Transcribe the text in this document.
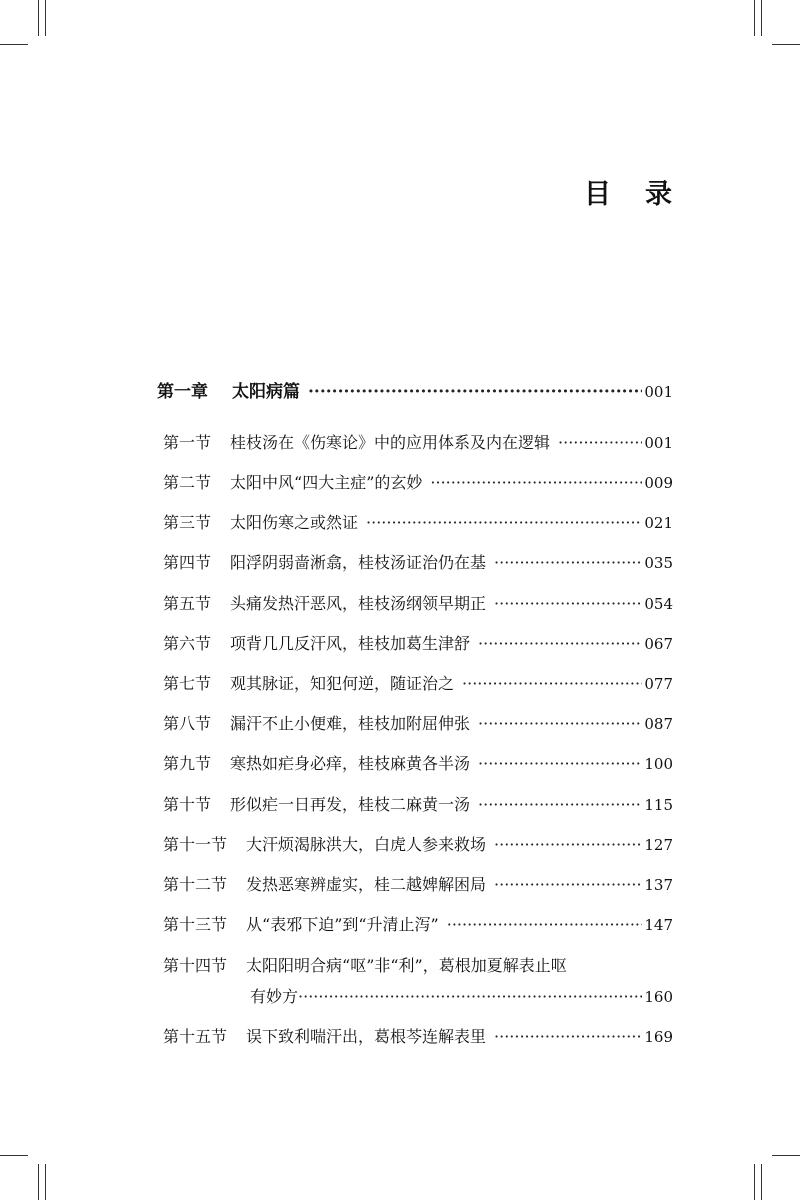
目 录
第一章 太阳病篇 ·····	001
第一节 桂枝汤在《伤寒论》中的应用体系及内在逻辑 ·····	001
第二节 太阳中风“四大主症”的玄妙 ·····	009
第三节 太阳伤寒之或然证 ·····	021
第四节 阳浮阴弱啬淅翕，桂枝汤证治仍在基 ·····	035
第五节 头痛发热汗恶风，桂枝汤纲领早期正 ·····	054
第六节 项背几几反汗风，桂枝加葛生津舒 ·····	067
第七节 观其脉证，知犯何逆，随证治之 ·····	077
第八节 漏汗不止小便难，桂枝加附屈伸张 ·····	087
第九节 寒热如疟身必痒，桂枝麻黄各半汤 ·····	100
第十节 形似疟一日再发，桂枝二麻黄一汤 ·····	115
第十一节 大汗烦渴脉洪大，白虎人参来救场 ·····	127
第十二节 发热恶寒辨虚实，桂二越婢解困局 ·····	137
第十三节 从“表邪下迫”到“升清止泻” ·····	147
第十四节 太阳阳明合病“呕”非“利”，葛根加夏解表止呕
有妙方 ·····	160
第十五节 误下致利喘汗出，葛根芩连解表里 ·····	169
